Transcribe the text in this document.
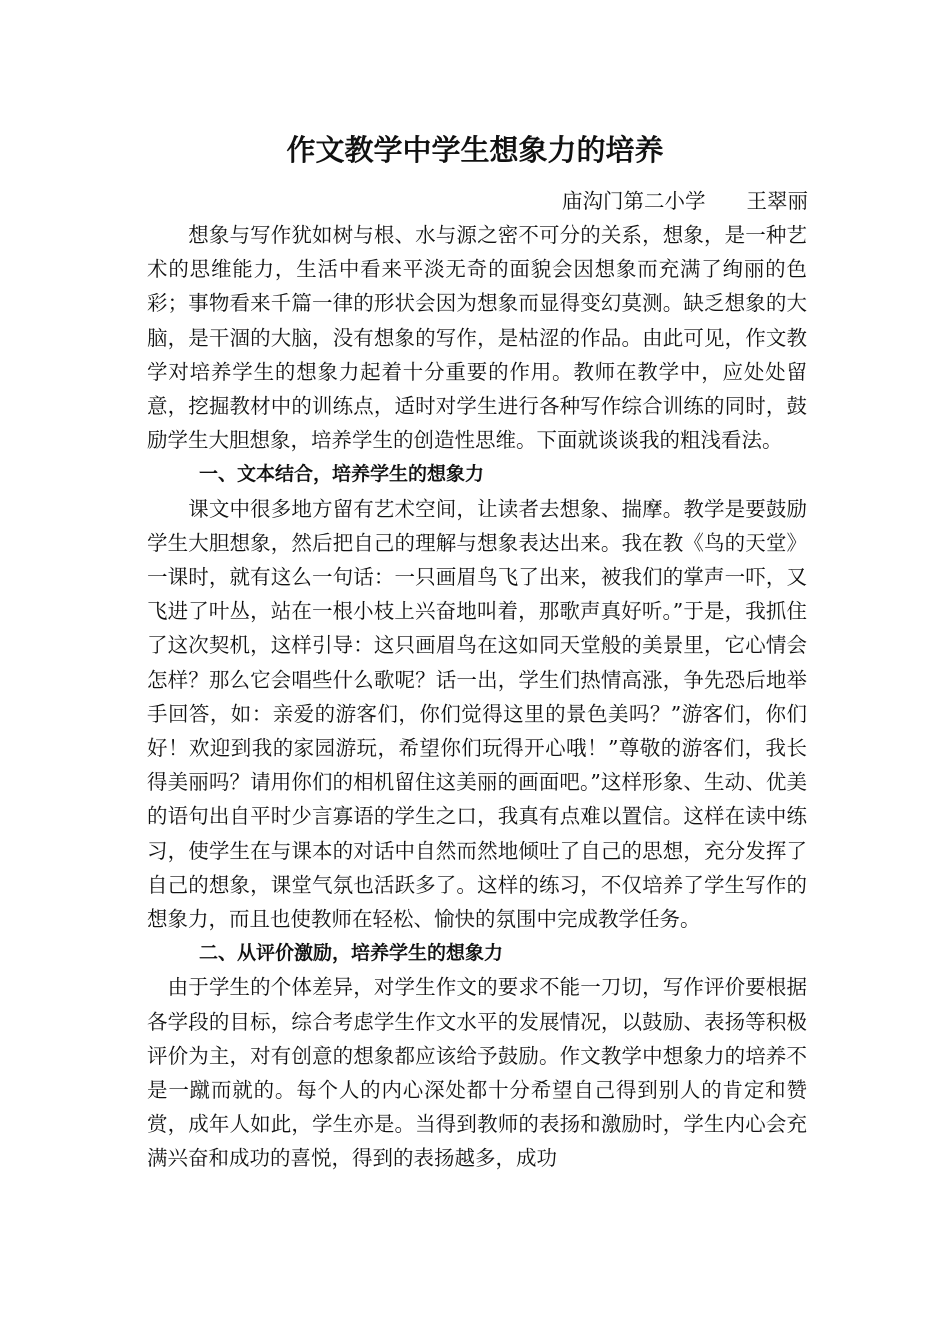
作文教学中学生想象力的培养
庙沟门第二小学　　王翠丽

　　想象与写作犹如树与根、水与源之密不可分的关系，想象，是一种艺术的思维能力，生活中看来平淡无奇的面貌会因想象而充满了绚丽的色彩；事物看来千篇一律的形状会因为想象而显得变幻莫测。缺乏想象的大脑，是干涸的大脑，没有想象的写作，是枯涩的作品。由此可见，作文教学对培养学生的想象力起着十分重要的作用。教师在教学中，应处处留意，挖掘教材中的训练点，适时对学生进行各种写作综合训练的同时，鼓励学生大胆想象，培养学生的创造性思维。下面就谈谈我的粗浅看法。

一、文本结合，培养学生的想象力

　　课文中很多地方留有艺术空间，让读者去想象、揣摩。教学是要鼓励学生大胆想象，然后把自己的理解与想象表达出来。我在教《鸟的天堂》一课时，就有这么一句话：一只画眉鸟飞了出来，被我们的掌声一吓，又飞进了叶丛，站在一根小枝上兴奋地叫着，那歌声真好听。”于是，我抓住了这次契机，这样引导：这只画眉鸟在这如同天堂般的美景里，它心情会怎样？那么它会唱些什么歌呢？话一出，学生们热情高涨，争先恐后地举手回答，如：亲爱的游客们，你们觉得这里的景色美吗？”游客们，你们好！欢迎到我的家园游玩，希望你们玩得开心哦！”尊敬的游客们，我长得美丽吗？请用你们的相机留住这美丽的画面吧。”这样形象、生动、优美的语句出自平时少言寡语的学生之口，我真有点难以置信。这样在读中练习，使学生在与课本的对话中自然而然地倾吐了自己的思想，充分发挥了自己的想象，课堂气氛也活跃多了。这样的练习，不仅培养了学生写作的想象力，而且也使教师在轻松、愉快的氛围中完成教学任务。

二、从评价激励，培养学生的想象力

　由于学生的个体差异，对学生作文的要求不能一刀切，写作评价要根据各学段的目标，综合考虑学生作文水平的发展情况，以鼓励、表扬等积极评价为主，对有创意的想象都应该给予鼓励。作文教学中想象力的培养不是一蹴而就的。每个人的内心深处都十分希望自己得到别人的肯定和赞赏，成年人如此，学生亦是。当得到教师的表扬和激励时，学生内心会充满兴奋和成功的喜悦，得到的表扬越多，成功
